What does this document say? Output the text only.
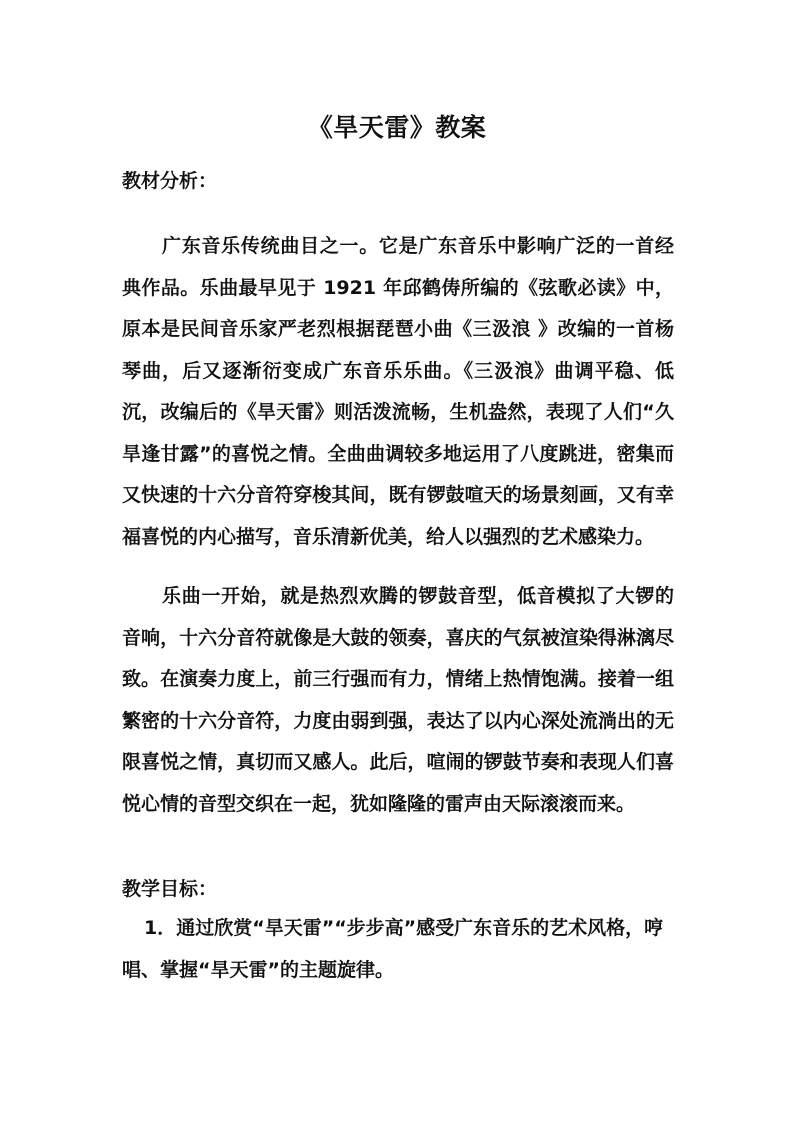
《旱天雷》教案
教材分析：
广东音乐传统曲目之一。它是广东音乐中影响广泛的一首经典作品。乐曲最早见于 1921 年邱鹤俦所编的《弦歌必读》中，原本是民间音乐家严老烈根据琵琶小曲《三汲浪 》改编的一首杨琴曲，后又逐渐衍变成广东音乐乐曲。《三汲浪》曲调平稳、低沉，改编后的《旱天雷》则活泼流畅，生机盎然，表现了人们“久旱逢甘露”的喜悦之情。全曲曲调较多地运用了八度跳进，密集而又快速的十六分音符穿梭其间，既有锣鼓喧天的场景刻画，又有幸福喜悦的内心描写，音乐清新优美，给人以强烈的艺术感染力。
乐曲一开始，就是热烈欢腾的锣鼓音型，低音模拟了大锣的音响，十六分音符就像是大鼓的领奏，喜庆的气氛被渲染得淋漓尽致。在演奏力度上，前三行强而有力，情绪上热情饱满。接着一组繁密的十六分音符，力度由弱到强，表达了以内心深处流淌出的无限喜悦之情，真切而又感人。此后，喧闹的锣鼓节奏和表现人们喜悦心情的音型交织在一起，犹如隆隆的雷声由天际滚滚而来。
教学目标：
1．通过欣赏“旱天雷”“步步高”感受广东音乐的艺术风格，哼唱、掌握“旱天雷”的主题旋律。
